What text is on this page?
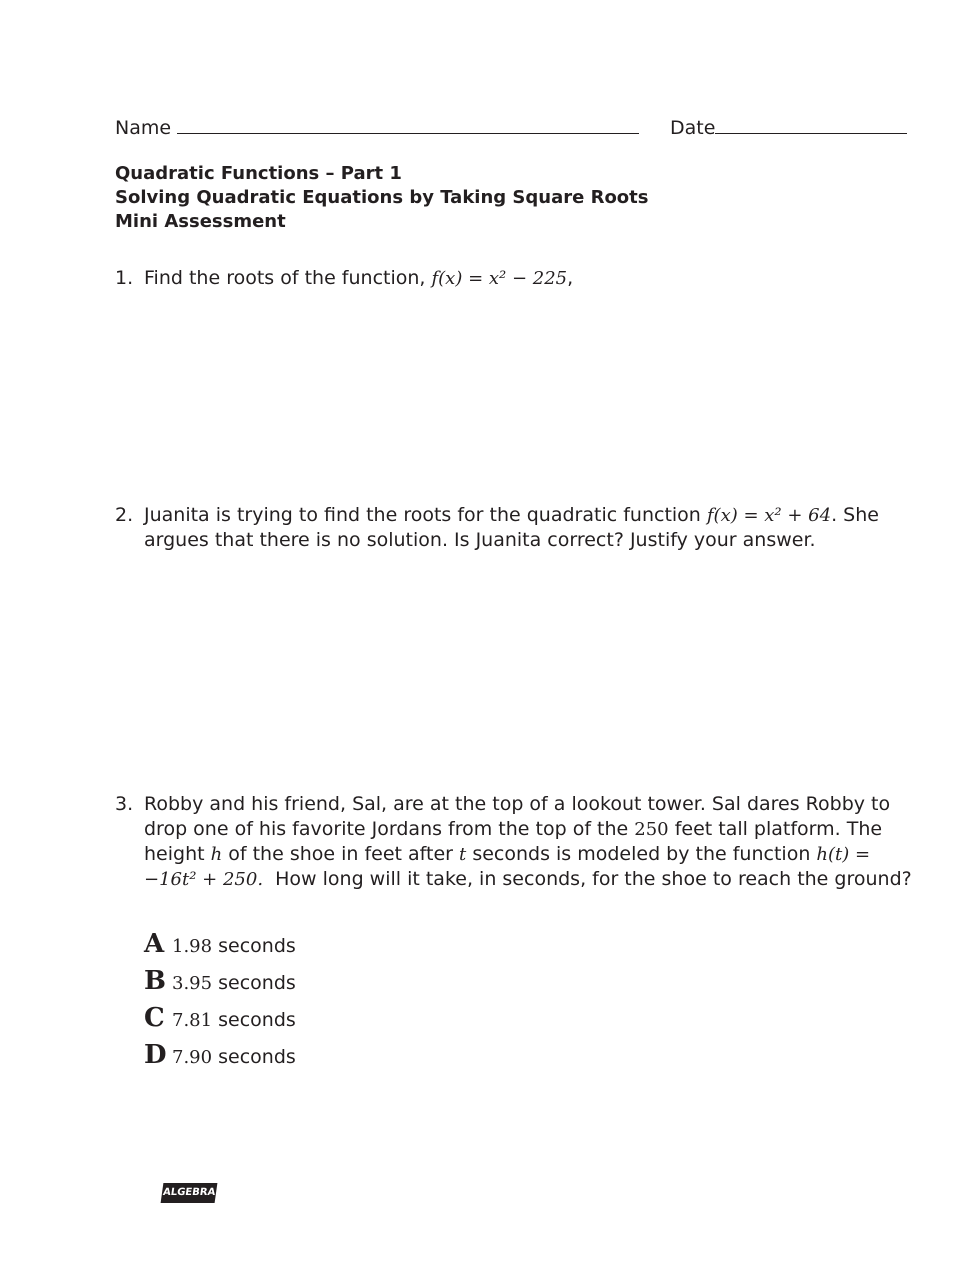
Name	Date
Quadratic Functions – Part 1
Solving Quadratic Equations by Taking Square Roots
Mini Assessment
1. Find the roots of the function, f(x) = x² − 225,
2. Juanita is trying to find the roots for the quadratic function f(x) = x² + 64. She
argues that there is no solution. Is Juanita correct? Justify your answer.
3. Robby and his friend, Sal, are at the top of a lookout tower. Sal dares Robby to
drop one of his favorite Jordans from the top of the 250 feet tall platform. The
height h of the shoe in feet after t seconds is modeled by the function h(t) =
−16t² + 250. How long will it take, in seconds, for the shoe to reach the ground?
A 1.98 seconds
B 3.95 seconds
C 7.81 seconds
D 7.90 seconds
ALGEBRA
